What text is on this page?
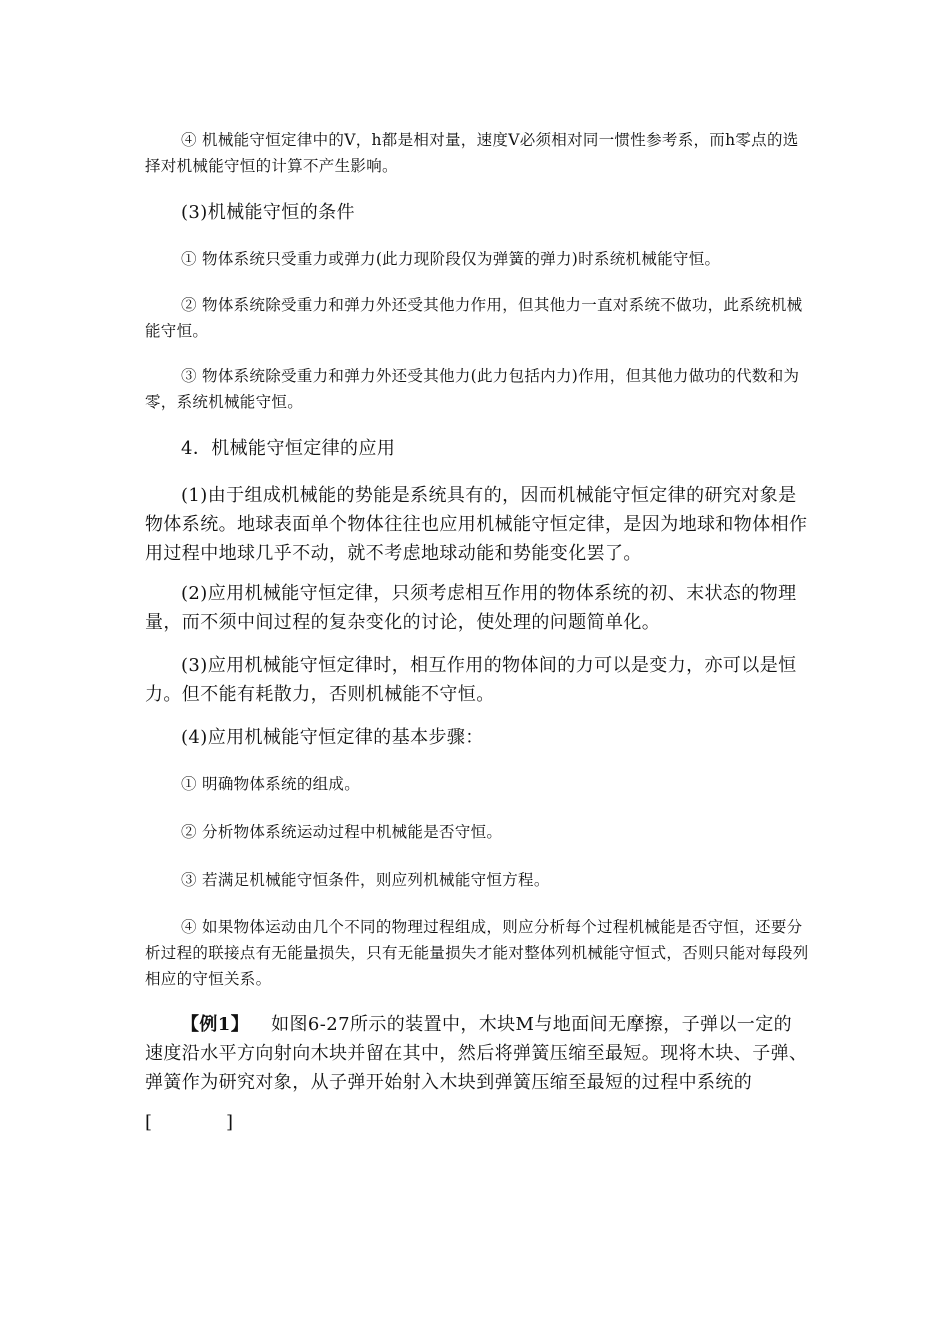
④ 机械能守恒定律中的V，h都是相对量，速度V必须相对同一惯性参考系，而h零点的选择对机械能守恒的计算不产生影响。

(3)机械能守恒的条件

① 物体系统只受重力或弹力(此力现阶段仅为弹簧的弹力)时系统机械能守恒。

② 物体系统除受重力和弹力外还受其他力作用，但其他力一直对系统不做功，此系统机械能守恒。

③ 物体系统除受重力和弹力外还受其他力(此力包括内力)作用，但其他力做功的代数和为零，系统机械能守恒。

4．机械能守恒定律的应用

(1)由于组成机械能的势能是系统具有的，因而机械能守恒定律的研究对象是物体系统。地球表面单个物体往往也应用机械能守恒定律，是因为地球和物体相作用过程中地球几乎不动，就不考虑地球动能和势能变化罢了。

(2)应用机械能守恒定律，只须考虑相互作用的物体系统的初、末状态的物理量，而不须中间过程的复杂变化的讨论，使处理的问题简单化。

(3)应用机械能守恒定律时，相互作用的物体间的力可以是变力，亦可以是恒力。但不能有耗散力，否则机械能不守恒。

(4)应用机械能守恒定律的基本步骤：

① 明确物体系统的组成。

② 分析物体系统运动过程中机械能是否守恒。

③ 若满足机械能守恒条件，则应列机械能守恒方程。

④ 如果物体运动由几个不同的物理过程组成，则应分析每个过程机械能是否守恒，还要分析过程的联接点有无能量损失，只有无能量损失才能对整体列机械能守恒式，否则只能对每段列相应的守恒关系。

【例1】 如图6-27所示的装置中，木块M与地面间无摩擦，子弹以一定的速度沿水平方向射向木块并留在其中，然后将弹簧压缩至最短。现将木块、子弹、弹簧作为研究对象，从子弹开始射入木块到弹簧压缩至最短的过程中系统的

[　　　　]
